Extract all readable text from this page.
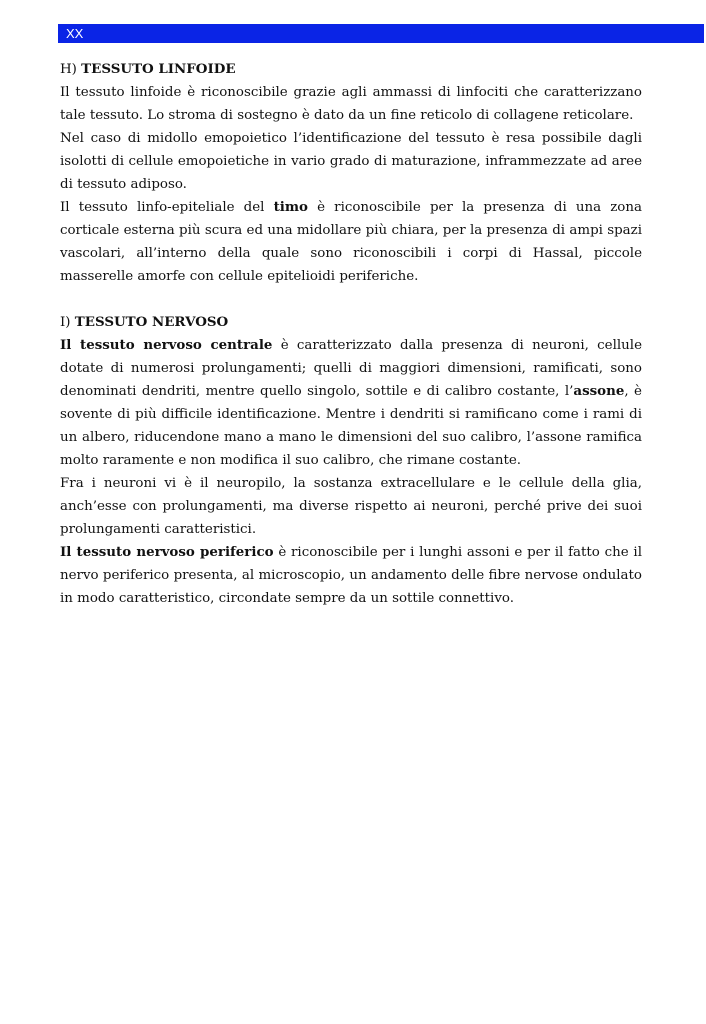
XX
H) TESSUTO LINFOIDE

Il tessuto linfoide è riconoscibile grazie agli ammassi di linfociti che caratterizzano tale tessuto. Lo stroma di sostegno è dato da un fine reticolo di collagene reticolare.

Nel caso di midollo emopoietico l’identificazione del tessuto è resa possibile dagli isolotti di cellule emopoietiche in vario grado di maturazione, inframmezzate ad aree di tessuto adiposo.

Il tessuto linfo-epiteliale del timo è riconoscibile per la presenza di una zona corticale esterna più scura ed una midollare più chiara, per la presenza di ampi spazi vascolari, all’interno della quale sono riconoscibili i corpi di Hassal, piccole masserelle amorfe con cellule epitelioidi periferiche.

I) TESSUTO NERVOSO

Il tessuto nervoso centrale è caratterizzato dalla presenza di neuroni, cellule dotate di numerosi prolungamenti; quelli di maggiori dimensioni, ramificati, sono denominati dendriti, mentre quello singolo, sottile e di calibro costante, l’assone, è sovente di più difficile identificazione. Mentre i dendriti si ramificano come i rami di un albero, riducendone mano a mano le dimensioni del suo calibro, l’assone ramifica molto raramente e non modifica il suo calibro, che rimane costante.

Fra i neuroni vi è il neuropilo, la sostanza extracellulare e le cellule della glia, anch’esse con prolungamenti, ma diverse rispetto ai neuroni, perché prive dei suoi prolungamenti caratteristici.

Il tessuto nervoso periferico è riconoscibile per i lunghi assoni e per il fatto che il nervo periferico presenta, al microscopio, un andamento delle fibre nervose ondulato in modo caratteristico, circondate sempre da un sottile connettivo.
